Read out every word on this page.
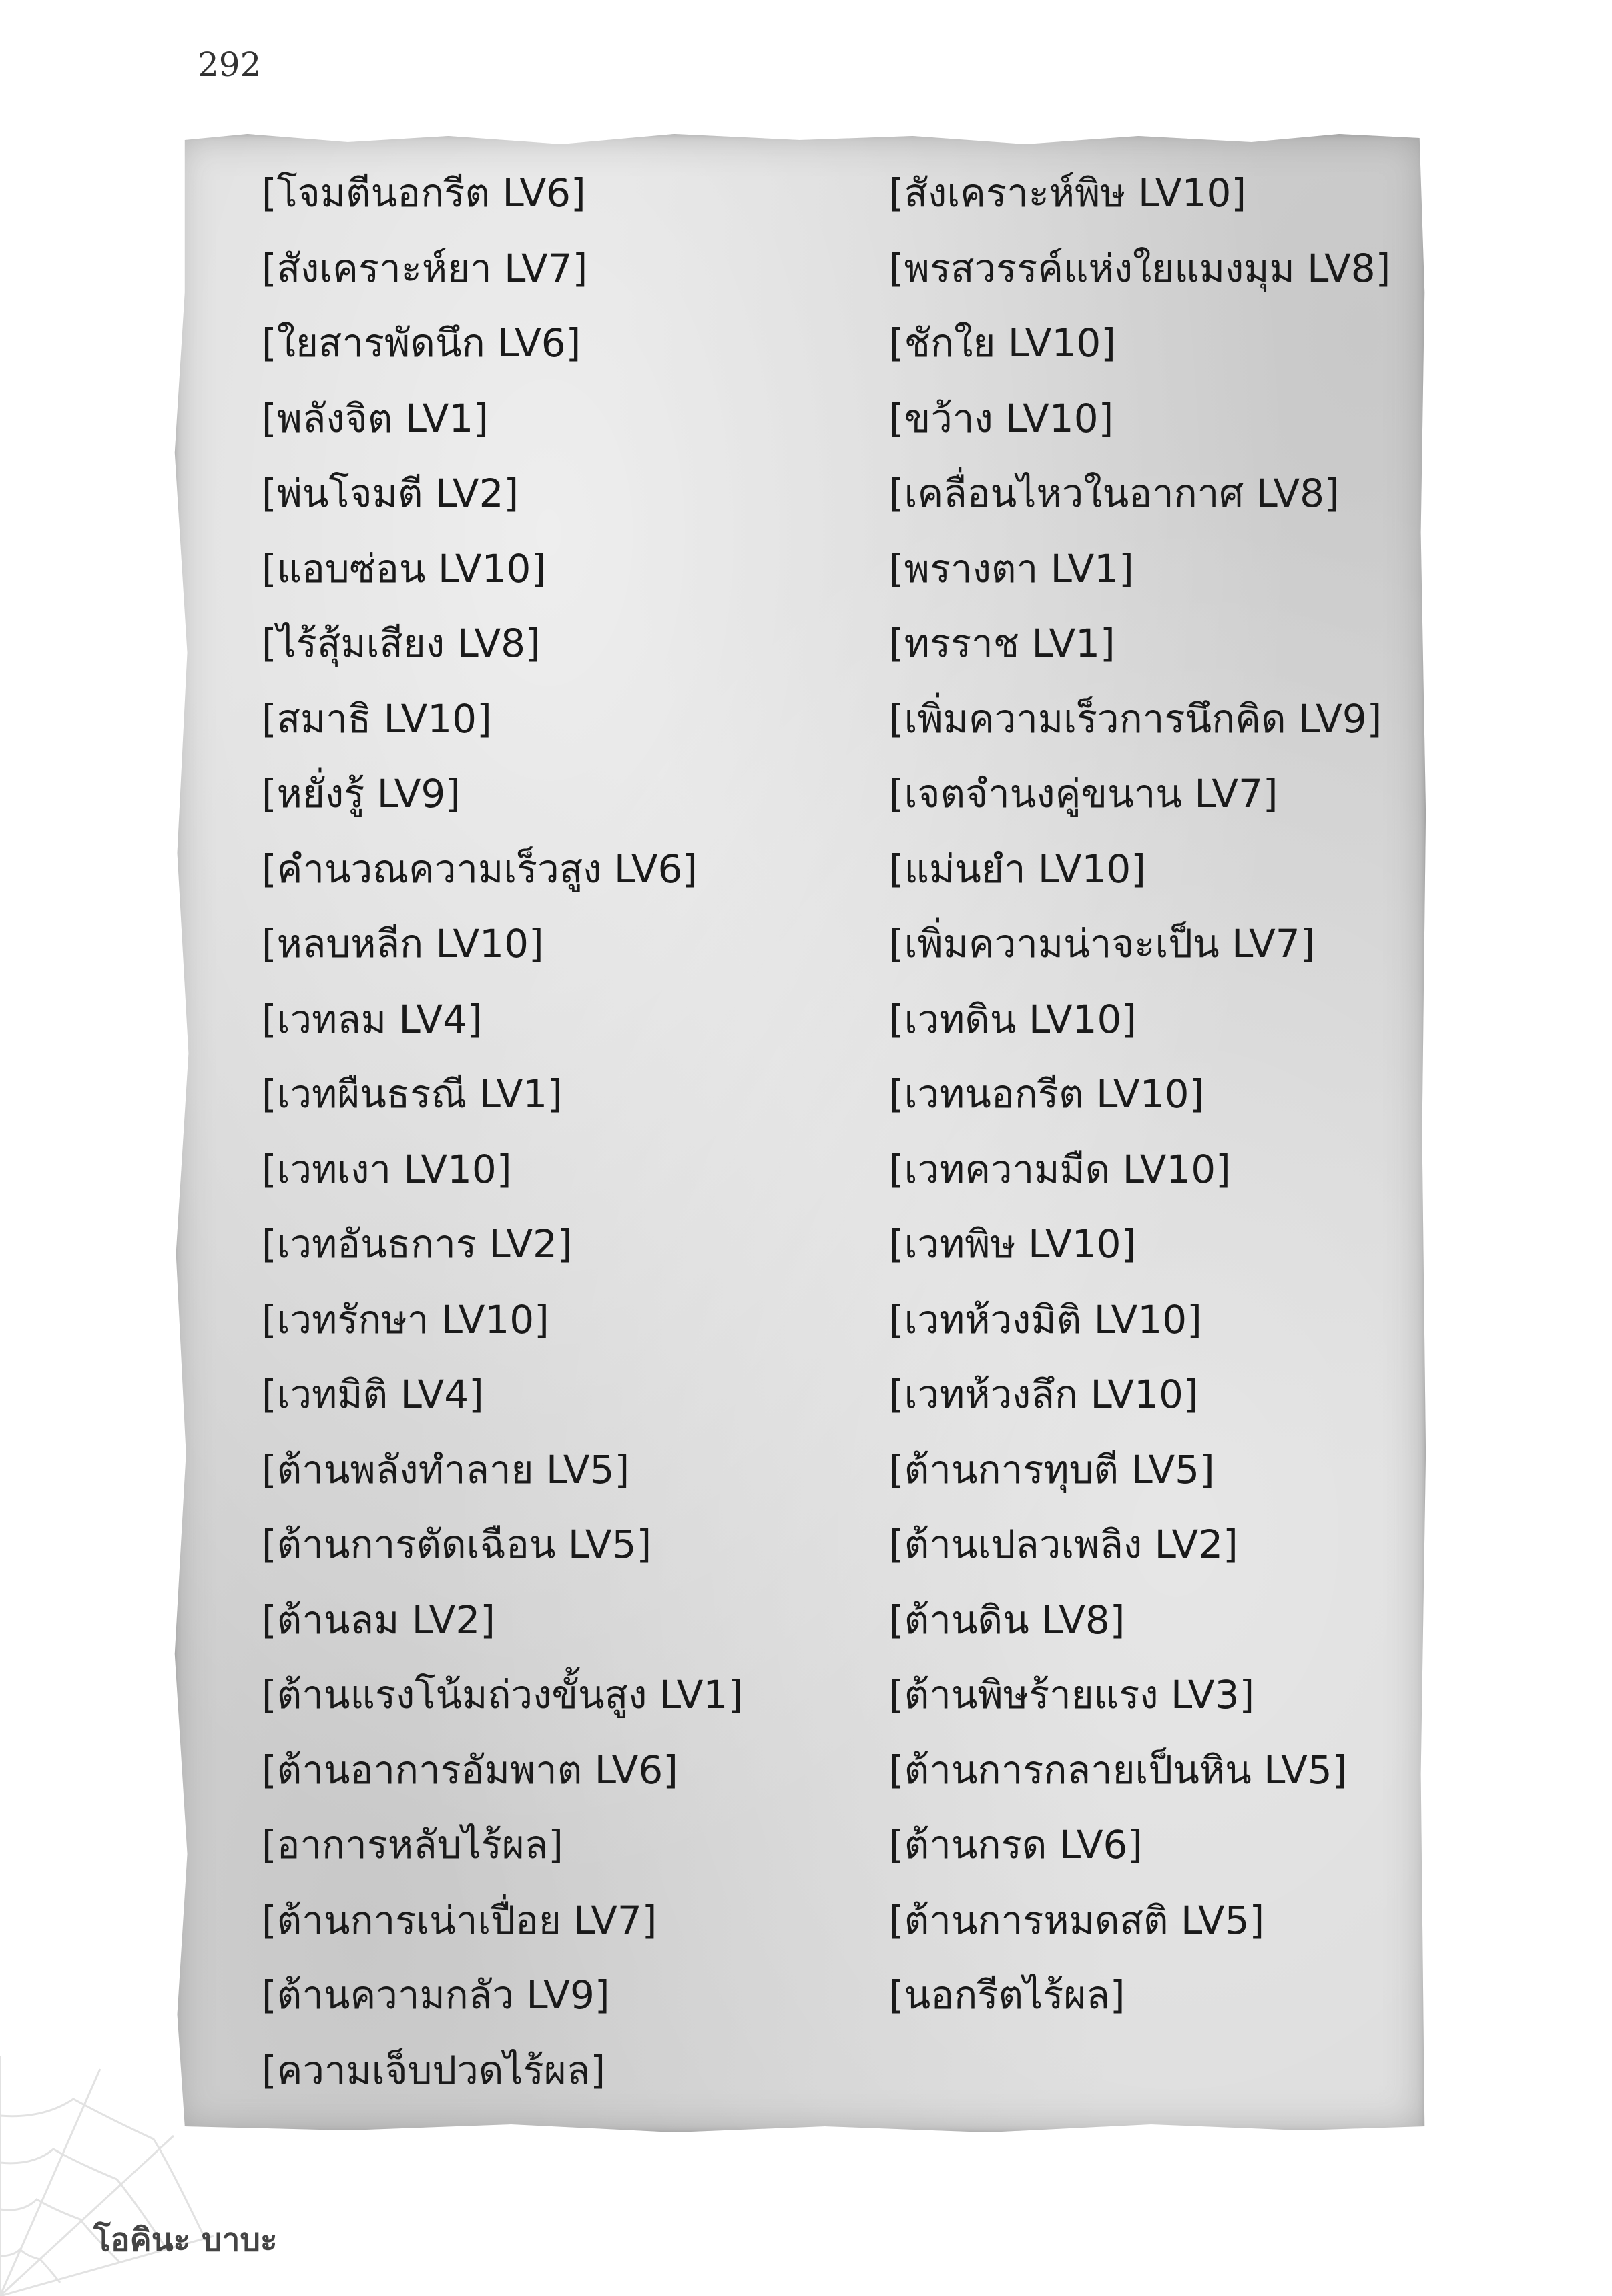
292
[โจมตีนอกรีต LV6]
[สังเคราะห์ยา LV7]
[ใยสารพัดนึก LV6]
[พลังจิต LV1]
[พ่นโจมตี LV2]
[แอบซ่อน LV10]
[ไร้สุ้มเสียง LV8]
[สมาธิ LV10]
[หยั่งรู้ LV9]
[คำนวณความเร็วสูง LV6]
[หลบหลีก LV10]
[เวทลม LV4]
[เวทผืนธรณี LV1]
[เวทเงา LV10]
[เวทอันธการ LV2]
[เวทรักษา LV10]
[เวทมิติ LV4]
[ต้านพลังทำลาย LV5]
[ต้านการตัดเฉือน LV5]
[ต้านลม LV2]
[ต้านแรงโน้มถ่วงขั้นสูง LV1]
[ต้านอาการอัมพาต LV6]
[อาการหลับไร้ผล]
[ต้านการเน่าเปื่อย LV7]
[ต้านความกลัว LV9]
[ความเจ็บปวดไร้ผล]
[สังเคราะห์พิษ LV10]
[พรสวรรค์แห่งใยแมงมุม LV8]
[ชักใย LV10]
[ขว้าง LV10]
[เคลื่อนไหวในอากาศ LV8]
[พรางตา LV1]
[ทรราช LV1]
[เพิ่มความเร็วการนึกคิด LV9]
[เจตจำนงคู่ขนาน LV7]
[แม่นยำ LV10]
[เพิ่มความน่าจะเป็น LV7]
[เวทดิน LV10]
[เวทนอกรีต LV10]
[เวทความมืด LV10]
[เวทพิษ LV10]
[เวทห้วงมิติ LV10]
[เวทห้วงลึก LV10]
[ต้านการทุบตี LV5]
[ต้านเปลวเพลิง LV2]
[ต้านดิน LV8]
[ต้านพิษร้ายแรง LV3]
[ต้านการกลายเป็นหิน LV5]
[ต้านกรด LV6]
[ต้านการหมดสติ LV5]
[นอกรีตไร้ผล]
โอคินะ บาบะ
